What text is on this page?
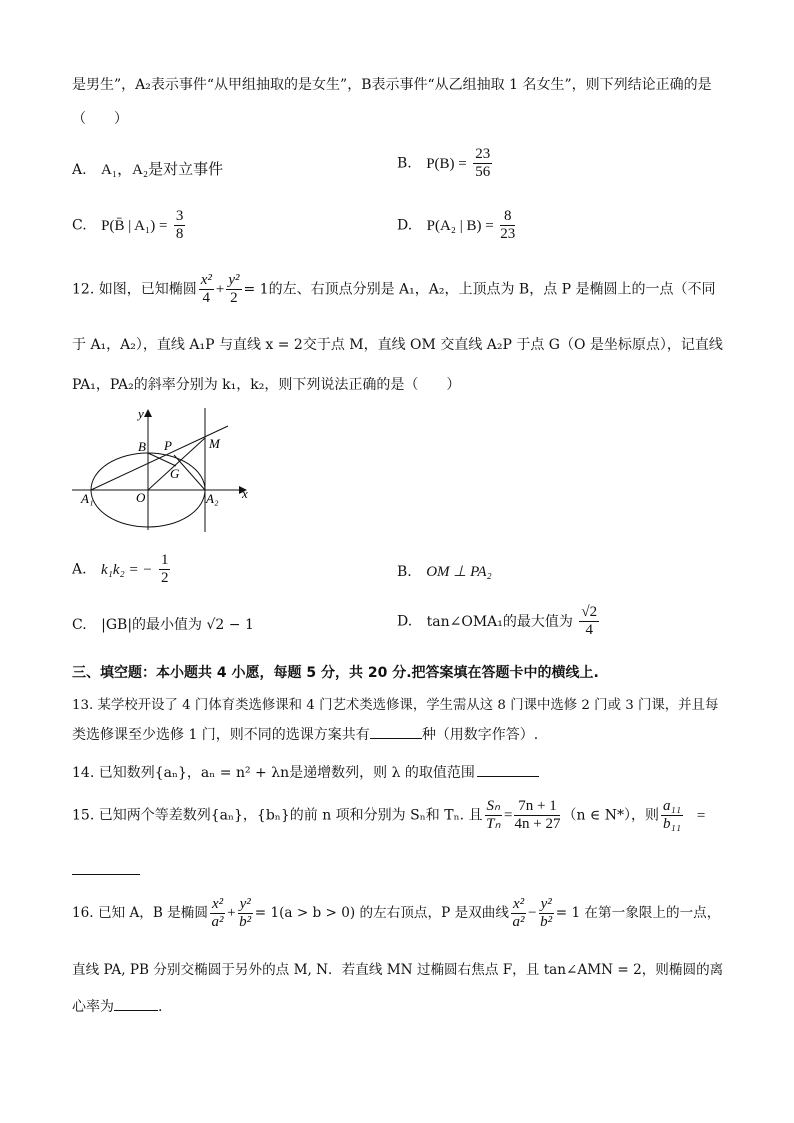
是男生”，A₂表示事件“从甲组抽取的是女生”，B表示事件“从乙组抽取 1 名女生”，则下列结论正确的是
（　　）
A. A₁，A₂是对立事件	B. $P(B) = \frac{23}{56}$
C. P(B̄ | $A_1) = \frac{3}{8}$	D. P(A₂ | $B) = \frac{8}{23}$
12. 如图，已知椭圆 $\frac{\text{x²}}{4} + \frac{\text{y²}}{2} = 1$的左、右顶点分别是 A₁，A₂，上顶点为 B，点 P 是椭圆上的一点（不同
于 A₁，A₂），直线 A₁P 与直线 x = 2交于点 M，直线 OM 交直线 A₂P 于点 G（O 是坐标原点），记直线
PA₁，PA₂的斜率分别为 k₁，k₂，则下列说法正确的是（　　）
y
x
B P	M
G
O
A₁	A₂
A. k₁k₂ = − $\frac{1}{2}$	B. OM ⊥ PA₂
C. |GB|的最小值为 √2 − 1	D. tan∠OMA₁的最大值为 $\frac{√2}{4}$
三、填空题：本小题共 4 小愿，每题 5 分，共 20 分.把答案填在答题卡中的横线上.
13. 某学校开设了 4 门体育类选修课和 4 门艺术类选修课，学生需从这 8 门课中选修 2 门或 3 门课，并且每
类选修课至少选修 1 门，则不同的选课方案共有	种（用数字作答）.
14. 已知数列{aₙ}，aₙ = n² + λn是递增数列，则 λ 的取值范围
15. 已知两个等差数列{aₙ}，{bₙ}的前 n 项和分别为 Sₙ和 Tₙ. 且 $\frac{\text{Sₙ}}{\text{Tₙ}} = \frac{7n + 1}{4n + 27} (n$ ∈ N*），则 $\frac{\text{a₁₁}}{\text{b₁₁}}$ =
16. 已知 A，B 是椭圆 $\frac{\text{x²}}{\text{a²}} + \frac{\text{y²}}{\text{b²}} = 1(a > b > 0)$ 的左右顶点，P 是双曲线 $\frac{\text{x²}}{\text{a²}} - \frac{\text{y²}}{\text{b²}} = 1$ 在第一象限上的一点，
直线 PA, PB 分别交椭圆于另外的点 M, N．若直线 MN 过椭圆右焦点 F，且 tan∠AMN = 2，则椭圆的离
心率为	.
